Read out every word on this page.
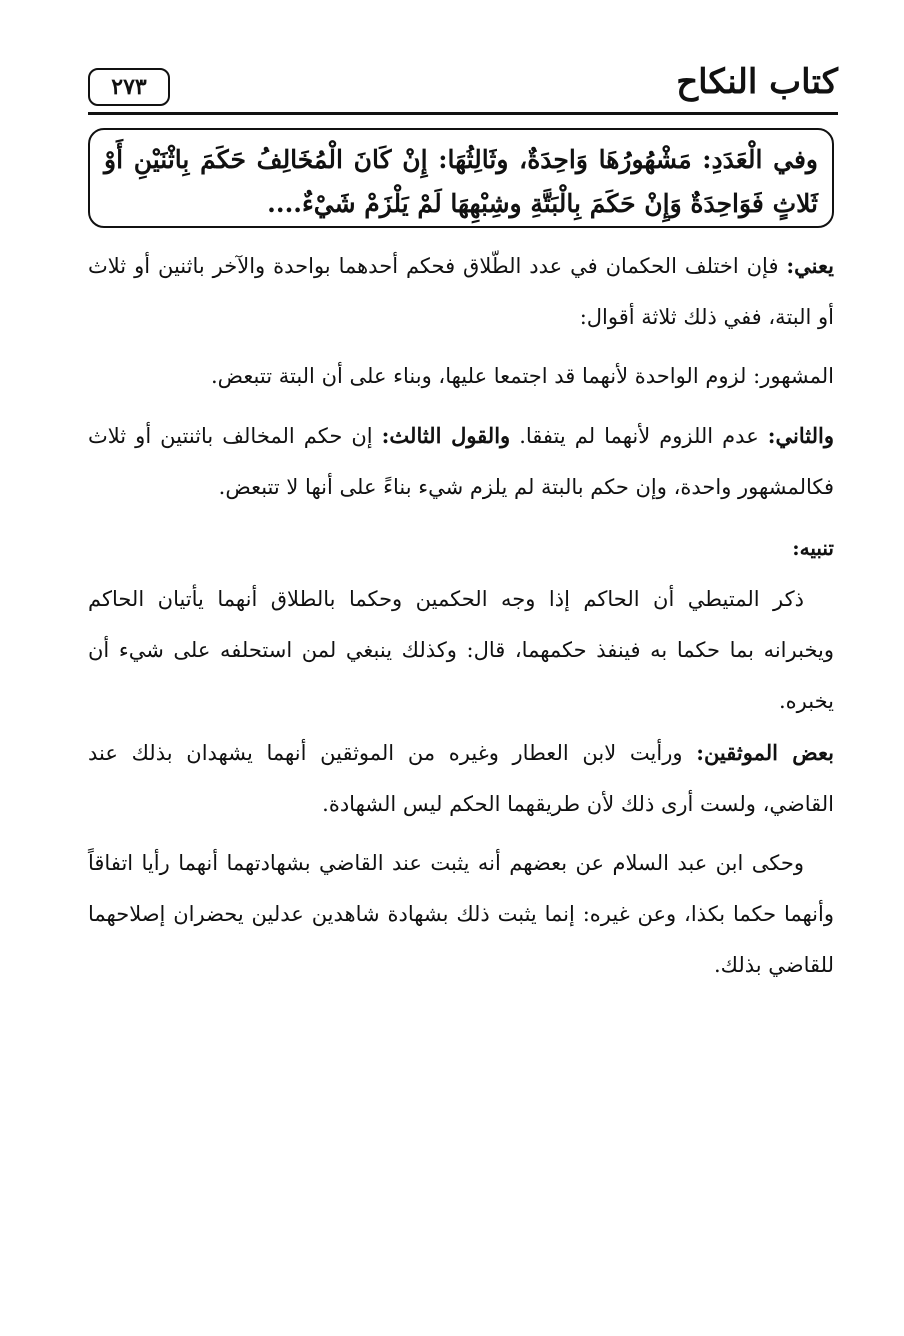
٢٧٣	كتاب النكاح
وفي الْعَدَدِ: مَشْهُورُهَا وَاحِدَةٌ، وثَالِثُهَا: إِنْ كَانَ الْمُخَالِفُ حَكَمَ بِاثْنَيْنِ أَوْ ثَلاثٍ فَوَاحِدَةٌ وَإِنْ حَكَمَ بِالْبَتَّةِ وشِبْهِهَا لَمْ يَلْزَمْ شَيْءٌ....

يعني: فإن اختلف الحكمان في عدد الطّلاق فحكم أحدهما بواحدة والآخر باثنين أو ثلاث أو البتة، ففي ذلك ثلاثة أقوال:

المشهور: لزوم الواحدة لأنهما قد اجتمعا عليها، وبناء على أن البتة تتبعض.

والثاني: عدم اللزوم لأنهما لم يتفقا. والقول الثالث: إن حكم المخالف باثنتين أو ثلاث فكالمشهور واحدة، وإن حكم بالبتة لم يلزم شيء بناءً على أنها لا تتبعض.

تنبيه:

ذكر المتيطي أن الحاكم إذا وجه الحكمين وحكما بالطلاق أنهما يأتيان الحاكم ويخبرانه بما حكما به فينفذ حكمهما، قال: وكذلك ينبغي لمن استحلفه على شيء أن يخبره.

بعض الموثقين: ورأيت لابن العطار وغيره من الموثقين أنهما يشهدان بذلك عند القاضي، ولست أرى ذلك لأن طريقهما الحكم ليس الشهادة.

وحكى ابن عبد السلام عن بعضهم أنه يثبت عند القاضي بشهادتهما أنهما رأيا اتفاقاً وأنهما حكما بكذا، وعن غيره: إنما يثبت ذلك بشهادة شاهدين عدلين يحضران إصلاحهما للقاضي بذلك.
